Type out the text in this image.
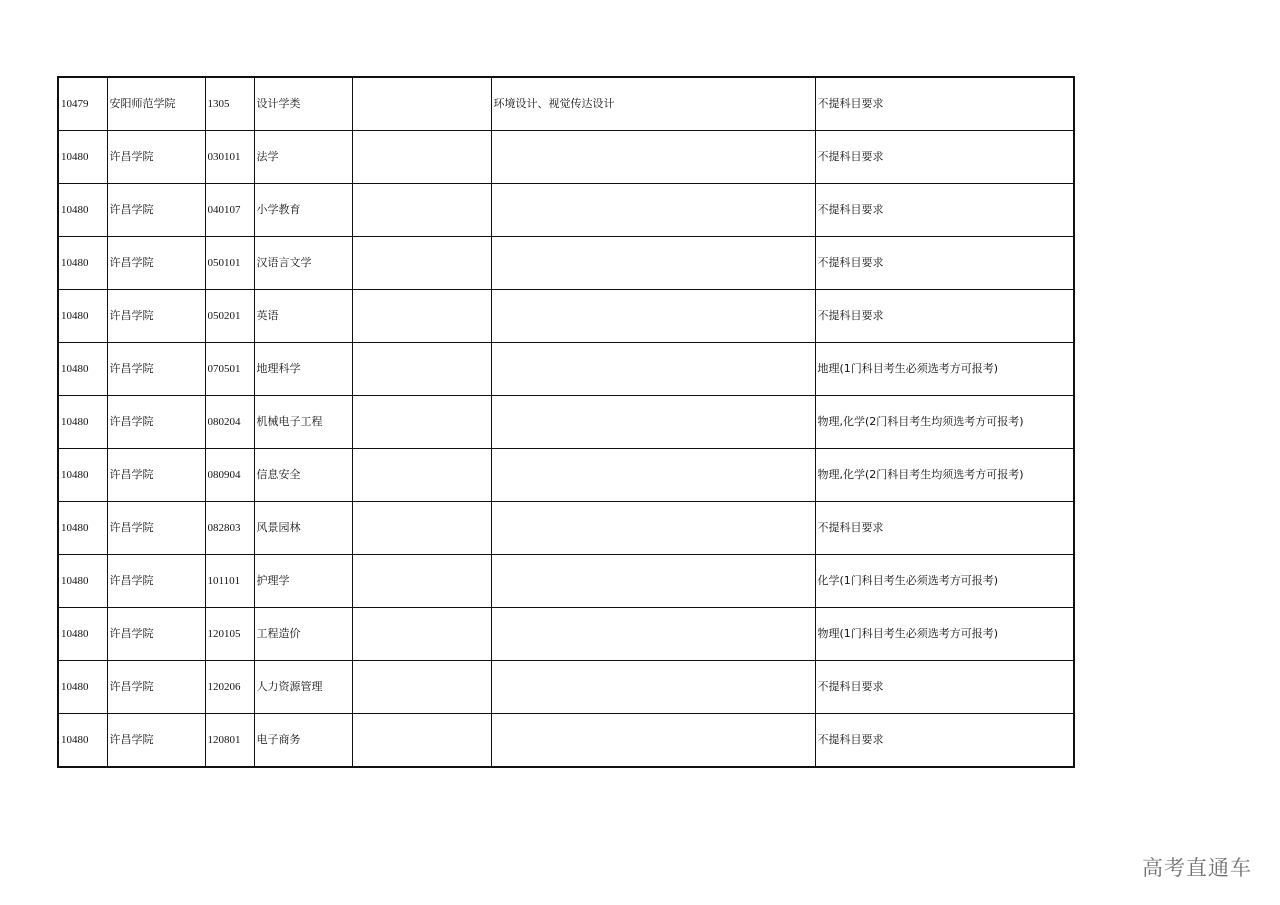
10479	安阳师范学院	1305	设计学类		环境设计、视觉传达设计	不提科目要求
10480	许昌学院	030101	法学			不提科目要求
10480	许昌学院	040107	小学教育			不提科目要求
10480	许昌学院	050101	汉语言文学			不提科目要求
10480	许昌学院	050201	英语			不提科目要求
10480	许昌学院	070501	地理科学			地理(1门科目考生必须选考方可报考)
10480	许昌学院	080204	机械电子工程			物理,化学(2门科目考生均须选考方可报考)
10480	许昌学院	080904	信息安全			物理,化学(2门科目考生均须选考方可报考)
10480	许昌学院	082803	风景园林			不提科目要求
10480	许昌学院	101101	护理学			化学(1门科目考生必须选考方可报考)
10480	许昌学院	120105	工程造价			物理(1门科目考生必须选考方可报考)
10480	许昌学院	120206	人力资源管理			不提科目要求
10480	许昌学院	120801	电子商务			不提科目要求
高考直通车
